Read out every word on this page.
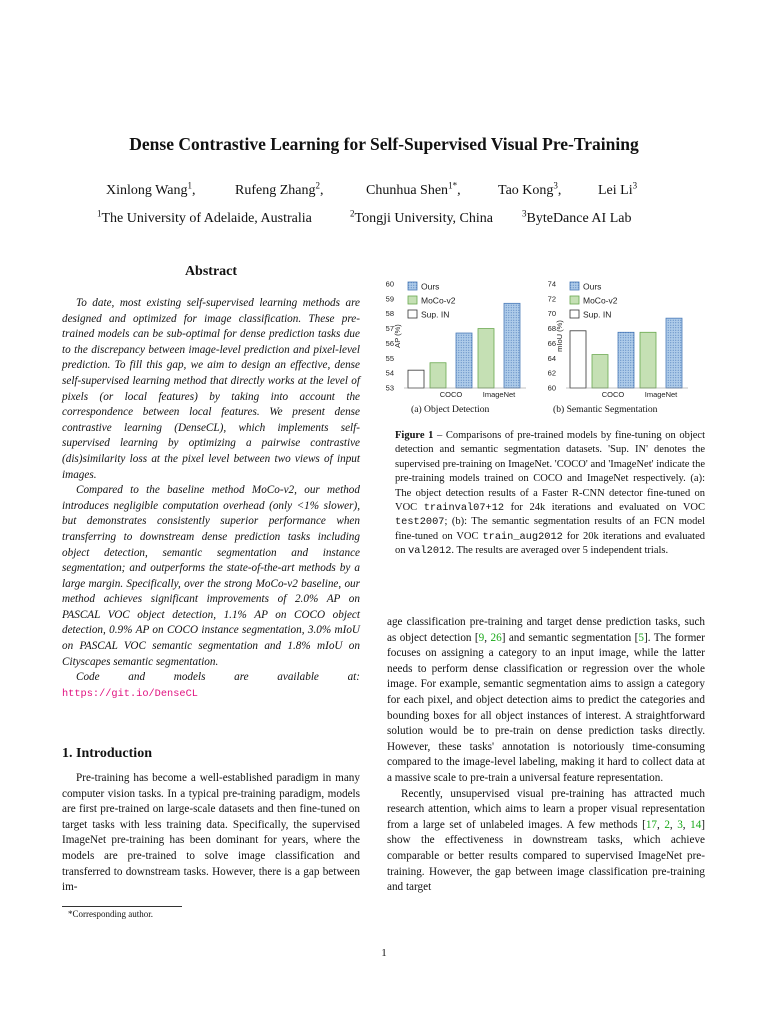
Dense Contrastive Learning for Self-Supervised Visual Pre-Training
Xinlong Wang$^1$,	Rufeng Zhang$^2$,	Chunhua Shen$^{1*}$,	Tao Kong$^3$,	Lei Li$^3$
$^1$The University of Adelaide, Australia	$^2$Tongji University, China	$^3$ByteDance AI Lab
Abstract

To date, most existing self-supervised learning methods are designed and optimized for image classification. These pre-trained models can be sub-optimal for dense prediction tasks due to the discrepancy between image-level prediction and pixel-level prediction. To fill this gap, we aim to design an effective, dense self-supervised learning method that directly works at the level of pixels (or local features) by taking into account the correspondence between local features. We present dense contrastive learning (DenseCL), which implements self-supervised learning by optimizing a pairwise contrastive (dis)similarity loss at the pixel level between two views of input images.

Compared to the baseline method MoCo-v2, our method introduces negligible computation overhead (only <1% slower), but demonstrates consistently superior performance when transferring to downstream dense prediction tasks including object detection, semantic segmentation and instance segmentation; and outperforms the state-of-the-art methods by a large margin. Specifically, over the strong MoCo-v2 baseline, our method achieves significant improvements of 2.0% AP on PASCAL VOC object detection, 1.1% AP on COCO object detection, 0.9% AP on COCO instance segmentation, 3.0% mIoU on PASCAL VOC semantic segmentation and 1.8% mIoU on Cityscapes semantic segmentation.

Code and models are available at: https://git.io/DenseCL

1. Introduction

Pre-training has become a well-established paradigm in many computer vision tasks. In a typical pre-training paradigm, models are first pre-trained on large-scale datasets and then fine-tuned on target tasks with less training data. Specifically, the supervised ImageNet pre-training has been dominant for years, where the models are pre-trained to solve image classification and transferred to downstream tasks. However, there is a gap between im-

*Corresponding author.
53
54
55
56
57
58
59
60
AP (%)
COCO	ImageNet
Ours
MoCo-v2
Sup. IN
60
62
64
66
68
70
72
74
mIoU (%)
COCO	ImageNet
Ours
MoCo-v2
Sup. IN
(a) Object Detection	(b) Semantic Segmentation
Figure 1 – Comparisons of pre-trained models by fine-tuning on object detection and semantic segmentation datasets. 'Sup. IN' denotes the supervised pre-training on ImageNet. 'COCO' and 'ImageNet' indicate the pre-training models trained on COCO and ImageNet respectively. (a): The object detection results of a Faster R-CNN detector fine-tuned on VOC trainval07+12 for 24k iterations and evaluated on VOC test2007; (b): The semantic segmentation results of an FCN model fine-tuned on VOC train_aug2012 for 20k iterations and evaluated on val2012. The results are averaged over 5 independent trials.

age classification pre-training and target dense prediction tasks, such as object detection [9, 26] and semantic segmentation [5]. The former focuses on assigning a category to an input image, while the latter needs to perform dense classification or regression over the whole image. For example, semantic segmentation aims to assign a category for each pixel, and object detection aims to predict the categories and bounding boxes for all object instances of interest. A straightforward solution would be to pre-train on dense prediction tasks directly. However, these tasks' annotation is notoriously time-consuming compared to the image-level labeling, making it hard to collect data at a massive scale to pre-train a universal feature representation.

Recently, unsupervised visual pre-training has attracted much research attention, which aims to learn a proper visual representation from a large set of unlabeled images. A few methods [17, 2, 3, 14] show the effectiveness in downstream tasks, which achieve comparable or better results compared to supervised ImageNet pre-training. However, the gap between image classification pre-training and target

1
